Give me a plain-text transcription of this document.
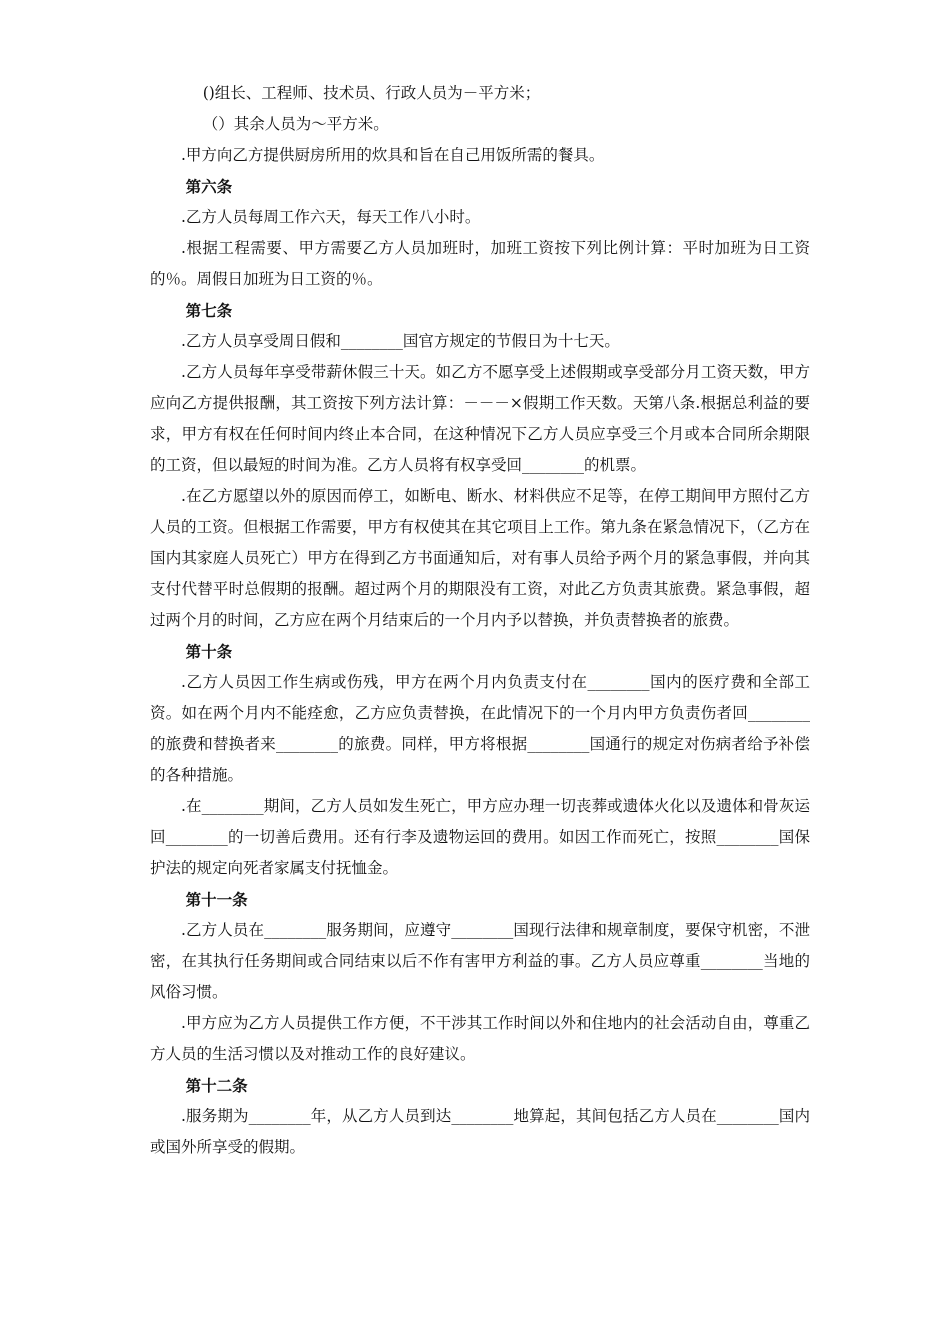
()组长、工程师、技术员、行政人员为－平方米；

（）其余人员为～平方米。

.甲方向乙方提供厨房所用的炊具和旨在自己用饭所需的餐具。

第六条

.乙方人员每周工作六天，每天工作八小时。

.根据工程需要、甲方需要乙方人员加班时，加班工资按下列比例计算：平时加班为日工资的％。周假日加班为日工资的％。

第七条

.乙方人员享受周日假和________国官方规定的节假日为十七天。

.乙方人员每年享受带薪休假三十天。如乙方不愿享受上述假期或享受部分月工资天数，甲方应向乙方提供报酬，其工资按下列方法计算：－－－×假期工作天数。天第八条.根据总利益的要求，甲方有权在任何时间内终止本合同，在这种情况下乙方人员应享受三个月或本合同所余期限的工资，但以最短的时间为准。乙方人员将有权享受回________的机票。

.在乙方愿望以外的原因而停工，如断电、断水、材料供应不足等，在停工期间甲方照付乙方人员的工资。但根据工作需要，甲方有权使其在其它项目上工作。第九条在紧急情况下，（乙方在国内其家庭人员死亡）甲方在得到乙方书面通知后，对有事人员给予两个月的紧急事假，并向其支付代替平时总假期的报酬。超过两个月的期限没有工资，对此乙方负责其旅费。紧急事假，超过两个月的时间，乙方应在两个月结束后的一个月内予以替换，并负责替换者的旅费。

第十条

.乙方人员因工作生病或伤残，甲方在两个月内负责支付在________国内的医疗费和全部工资。如在两个月内不能痊愈，乙方应负责替换，在此情况下的一个月内甲方负责伤者回________的旅费和替换者来________的旅费。同样，甲方将根据________国通行的规定对伤病者给予补偿的各种措施。

.在________期间，乙方人员如发生死亡，甲方应办理一切丧葬或遗体火化以及遗体和骨灰运回________的一切善后费用。还有行李及遗物运回的费用。如因工作而死亡，按照________国保护法的规定向死者家属支付抚恤金。

第十一条

.乙方人员在________服务期间，应遵守________国现行法律和规章制度，要保守机密，不泄密，在其执行任务期间或合同结束以后不作有害甲方利益的事。乙方人员应尊重________当地的风俗习惯。

.甲方应为乙方人员提供工作方便，不干涉其工作时间以外和住地内的社会活动自由，尊重乙方人员的生活习惯以及对推动工作的良好建议。

第十二条

.服务期为________年，从乙方人员到达________地算起，其间包括乙方人员在________国内或国外所享受的假期。
